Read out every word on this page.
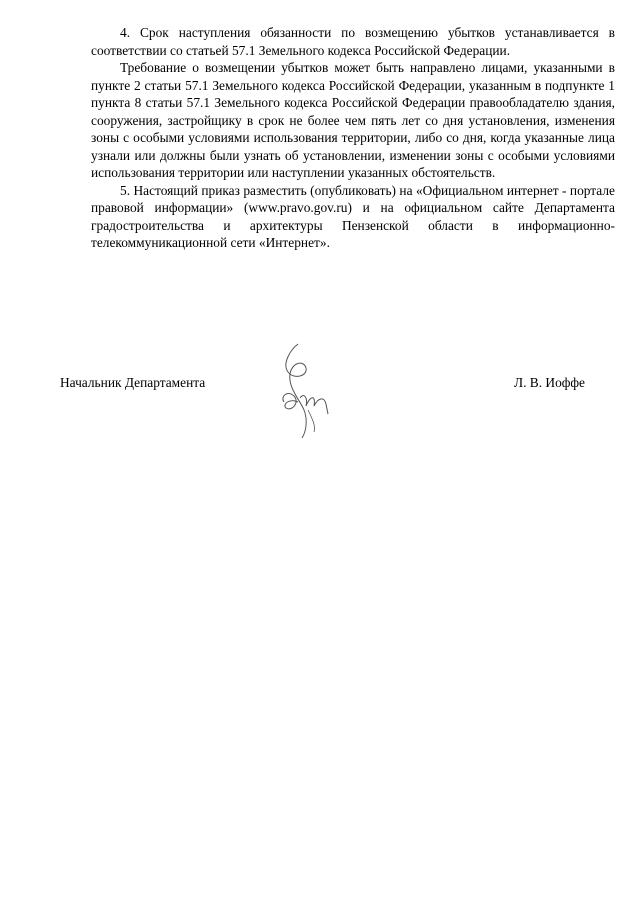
4. Срок наступления обязанности по возмещению убытков устанавливается в соответствии со статьей 57.1 Земельного кодекса Российской Федерации.

Требование о возмещении убытков может быть направлено лицами, указанными в пункте 2 статьи 57.1 Земельного кодекса Российской Федерации, указанным в подпункте 1 пункта 8 статьи 57.1 Земельного кодекса Российской Федерации правообладателю здания, сооружения, застройщику в срок не более чем пять лет со дня установления, изменения зоны с особыми условиями использования территории, либо со дня, когда указанные лица узнали или должны были узнать об установлении, изменении зоны с особыми условиями использования территории или наступлении указанных обстоятельств.

5. Настоящий приказ разместить (опубликовать) на «Официальном интернет - портале правовой информации» (www.pravo.gov.ru) и на официальном сайте Департамента градостроительства и архитектуры Пензенской области в информационно-телекоммуникационной сети «Интернет».

Начальник Департамента	Л. В. Иоффе
